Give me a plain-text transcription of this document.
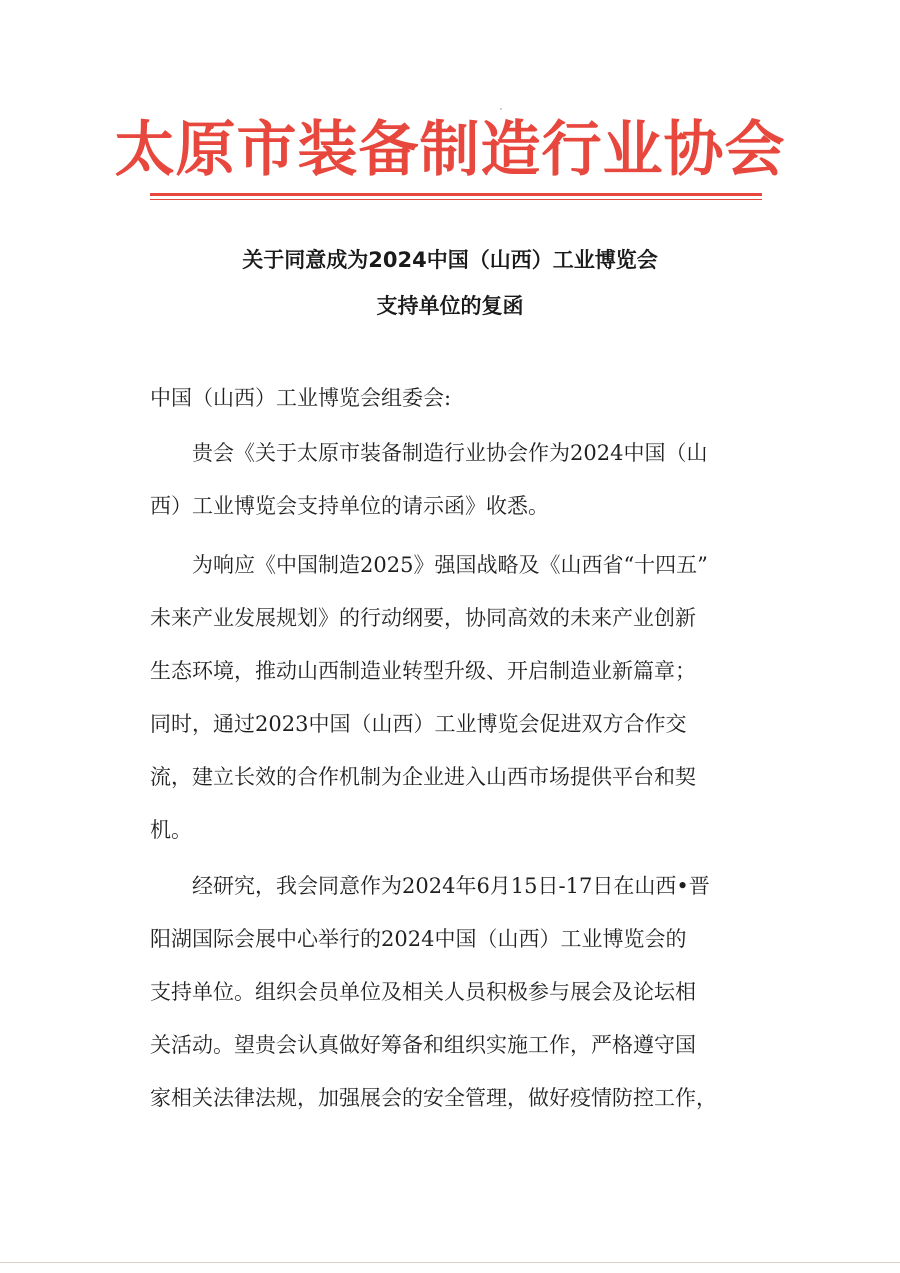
太原市装备制造行业协会
关于同意成为2024中国（山西）工业博览会
支持单位的复函
中国（山西）工业博览会组委会:
　　贵会《关于太原市装备制造行业协会作为2024中国（山
西）工业博览会支持单位的请示函》收悉。
　　为响应《中国制造2025》强国战略及《山西省“十四五”
未来产业发展规划》的行动纲要，协同高效的未来产业创新
生态环境，推动山西制造业转型升级、开启制造业新篇章；
同时，通过2023中国（山西）工业博览会促进双方合作交
流，建立长效的合作机制为企业进入山西市场提供平台和契
机。
　　经研究，我会同意作为2024年6月15日-17日在山西•晋
阳湖国际会展中心举行的2024中国（山西）工业博览会的
支持单位。组织会员单位及相关人员积极参与展会及论坛相
关活动。望贵会认真做好筹备和组织实施工作，严格遵守国
家相关法律法规，加强展会的安全管理，做好疫情防控工作，
